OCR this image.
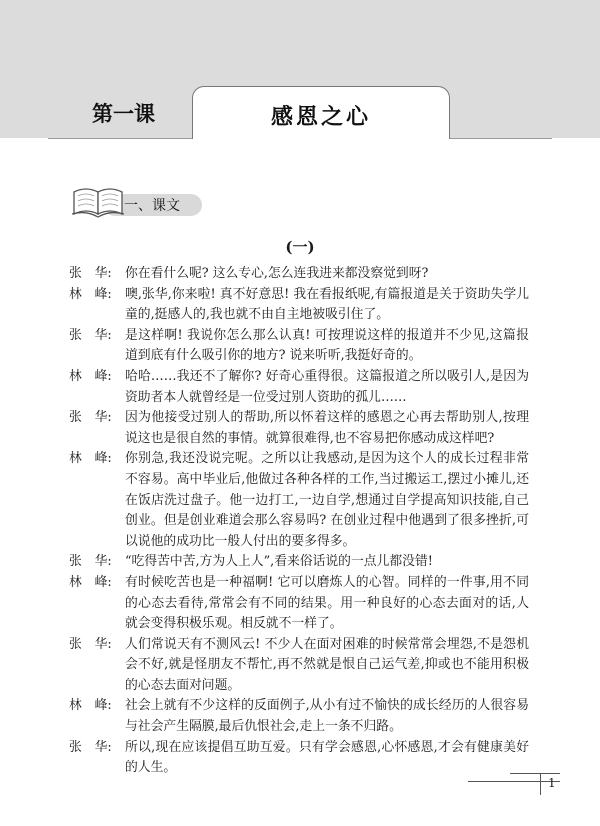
第一课	感恩之心
一、课文
(一)
张　华:	你在看什么呢? 这么专心,怎么连我进来都没察觉到呀?
林　峰:	噢,张华,你来啦! 真不好意思! 我在看报纸呢,有篇报道是关于资助失学儿童的,挺感人的,我也就不由自主地被吸引住了。
张　华:	是这样啊! 我说你怎么那么认真! 可按理说这样的报道并不少见,这篇报道到底有什么吸引你的地方? 说来听听,我挺好奇的。
林　峰:	哈哈……我还不了解你? 好奇心重得很。这篇报道之所以吸引人,是因为资助者本人就曾经是一位受过别人资助的孤儿……
张　华:	因为他接受过别人的帮助,所以怀着这样的感恩之心再去帮助别人,按理说这也是很自然的事情。就算很难得,也不容易把你感动成这样吧?
林　峰:	你别急,我还没说完呢。之所以让我感动,是因为这个人的成长过程非常不容易。高中毕业后,他做过各种各样的工作,当过搬运工,摆过小摊儿,还在饭店洗过盘子。他一边打工,一边自学,想通过自学提高知识技能,自己创业。但是创业难道会那么容易吗? 在创业过程中他遇到了很多挫折,可以说他的成功比一般人付出的要多得多。
张　华:	“吃得苦中苦,方为人上人”,看来俗话说的一点儿都没错!
林　峰:	有时候吃苦也是一种福啊! 它可以磨炼人的心智。同样的一件事,用不同的心态去看待,常常会有不同的结果。用一种良好的心态去面对的话,人就会变得积极乐观。相反就不一样了。
张　华:	人们常说天有不测风云! 不少人在面对困难的时候常常会埋怨,不是怨机会不好,就是怪朋友不帮忙,再不然就是恨自己运气差,抑或也不能用积极的心态去面对问题。
林　峰:	社会上就有不少这样的反面例子,从小有过不愉快的成长经历的人很容易与社会产生隔膜,最后仇恨社会,走上一条不归路。
张　华:	所以,现在应该提倡互助互爱。只有学会感恩,心怀感恩,才会有健康美好的人生。
1
